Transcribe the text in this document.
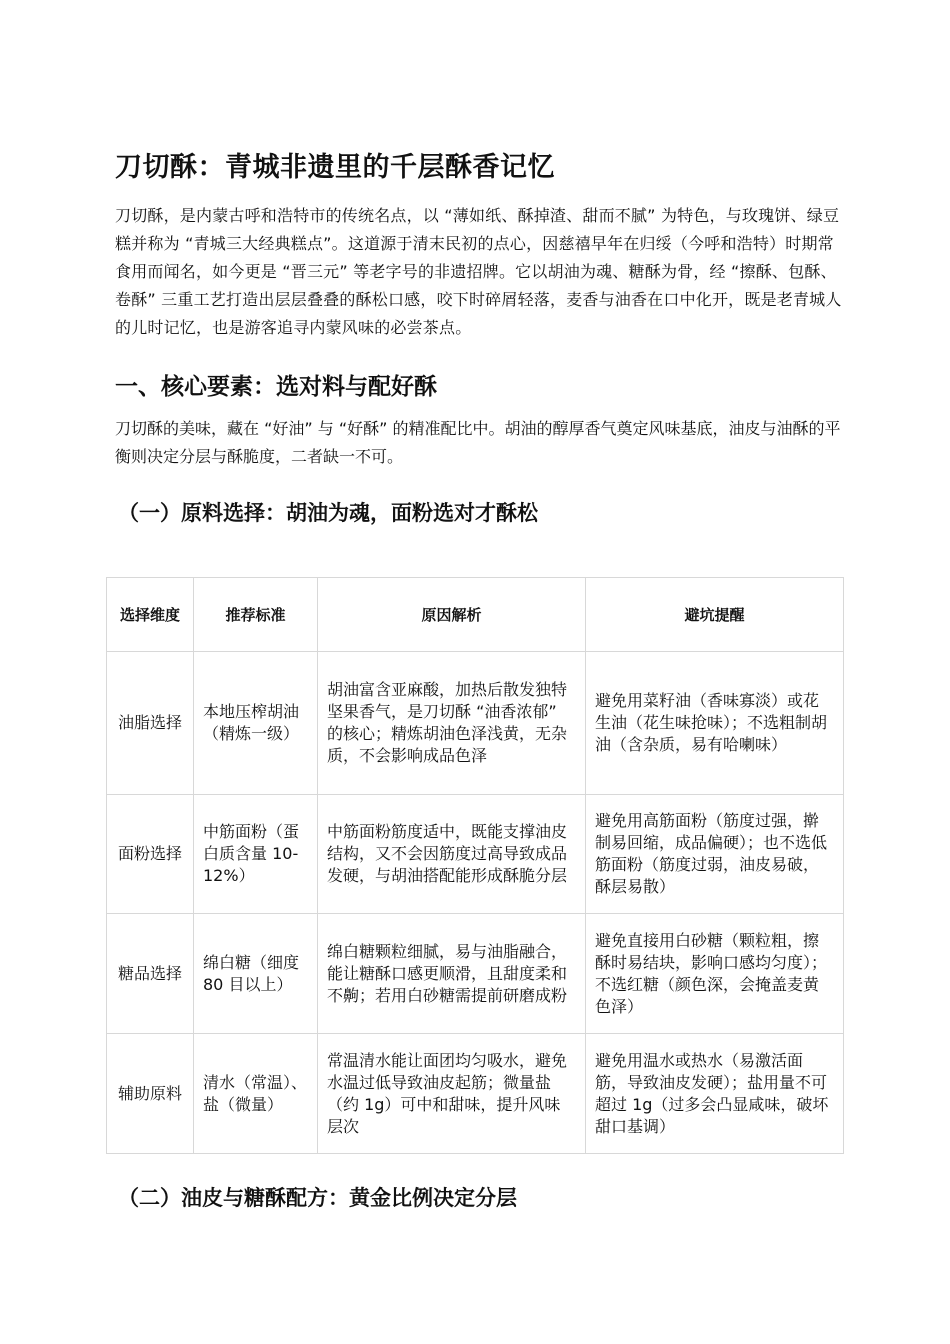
刀切酥：青城非遗里的千层酥香记忆

刀切酥，是内蒙古呼和浩特市的传统名点，以 “薄如纸、酥掉渣、甜而不腻” 为特色，与玫瑰饼、绿豆糕并称为 “青城三大经典糕点”。这道源于清末民初的点心，因慈禧早年在归绥（今呼和浩特）时期常食用而闻名，如今更是 “晋三元” 等老字号的非遗招牌。它以胡油为魂、糖酥为骨，经 “擦酥、包酥、卷酥” 三重工艺打造出层层叠叠的酥松口感，咬下时碎屑轻落，麦香与油香在口中化开，既是老青城人的儿时记忆，也是游客追寻内蒙风味的必尝茶点。

一、核心要素：选对料与配好酥

刀切酥的美味，藏在 “好油” 与 “好酥” 的精准配比中。胡油的醇厚香气奠定风味基底，油皮与油酥的平衡则决定分层与酥脆度，二者缺一不可。

（一）原料选择：胡油为魂，面粉选对才酥松
选择维度	推荐标准	原因解析	避坑提醒
油脂选择	本地压榨胡油（精炼一级）	胡油富含亚麻酸，加热后散发独特坚果香气，是刀切酥 “油香浓郁” 的核心；精炼胡油色泽浅黄，无杂质，不会影响成品色泽	避免用菜籽油（香味寡淡）或花生油（花生味抢味）；不选粗制胡油（含杂质，易有哈喇味）
面粉选择	中筋面粉（蛋白质含量 10-12%）	中筋面粉筋度适中，既能支撑油皮结构，又不会因筋度过高导致成品发硬，与胡油搭配能形成酥脆分层	避免用高筋面粉（筋度过强，擀制易回缩，成品偏硬）；也不选低筋面粉（筋度过弱，油皮易破，酥层易散）
糖品选择	绵白糖（细度 80 目以上）	绵白糖颗粒细腻，易与油脂融合，能让糖酥口感更顺滑，且甜度柔和不齁；若用白砂糖需提前研磨成粉	避免直接用白砂糖（颗粒粗，擦酥时易结块，影响口感均匀度）；不选红糖（颜色深，会掩盖麦黄色泽）
辅助原料	清水（常温）、盐（微量）	常温清水能让面团均匀吸水，避免水温过低导致油皮起筋；微量盐（约 1g）可中和甜味，提升风味层次	避免用温水或热水（易激活面筋，导致油皮发硬）；盐用量不可超过 1g（过多会凸显咸味，破坏甜口基调）
（二）油皮与糖酥配方：黄金比例决定分层
